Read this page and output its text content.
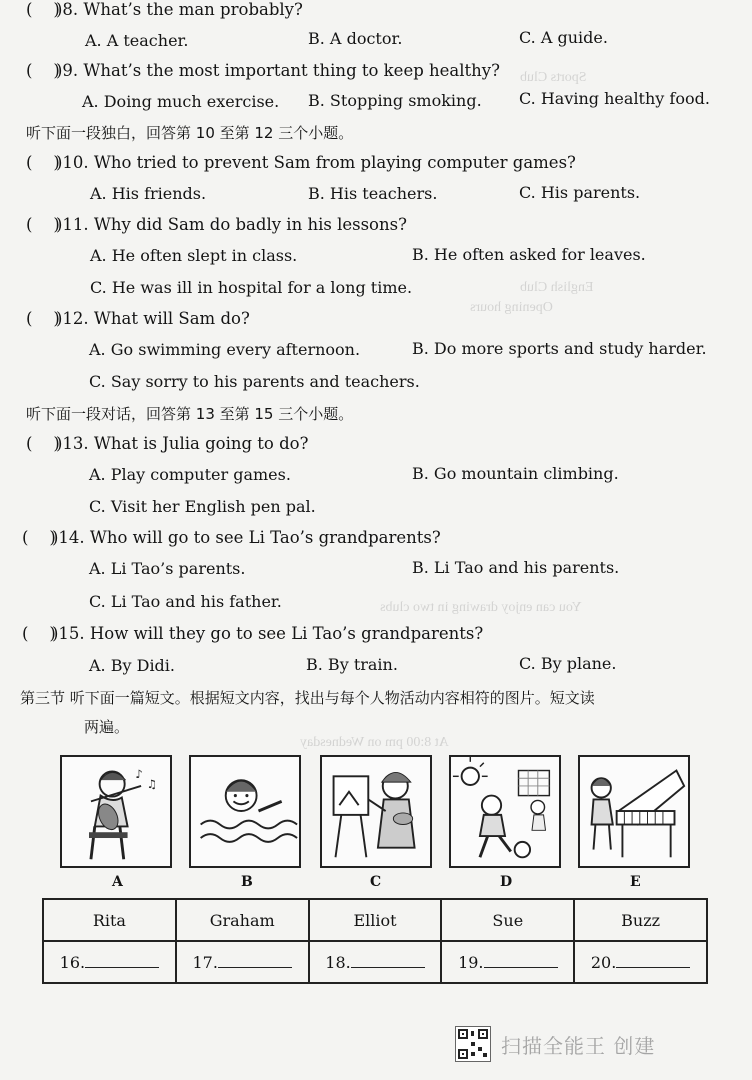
Sports Club
English Club
Opening hours
You can enjoy drawing in two clubs
At 8:00 pm on Wednesday
(    ))8. What’s the man probably?
A. A teacher.	B. A doctor.	C. A guide.
(    ))9. What’s the most important thing to keep healthy?
A. Doing much exercise. B. Stopping smoking. C. Having healthy food.
听下面一段独白，回答第 10 至第 12 三个小题。
(    ))10. Who tried to prevent Sam from playing computer games?
A. His friends.	B. His teachers.	C. His parents.
(    ))11. Why did Sam do badly in his lessons?
A. He often slept in class.	B. He often asked for leaves.
C. He was ill in hospital for a long time.
(    ))12. What will Sam do?
A. Go swimming every afternoon.	B. Do more sports and study harder.
C. Say sorry to his parents and teachers.
听下面一段对话，回答第 13 至第 15 三个小题。
(    ))13. What is Julia going to do?
A. Play computer games.	B. Go mountain climbing.
C. Visit her English pen pal.
(    ))14. Who will go to see Li Tao’s grandparents?
A. Li Tao’s parents.	B. Li Tao and his parents.
C. Li Tao and his father.
(    ))15. How will they go to see Li Tao’s grandparents?
A. By Didi.	B. By train.	C. By plane.
第三节 听下面一篇短文。根据短文内容，找出与每个人物活动内容相符的图片。短文读
两遍。
♪
♫
A	B	C	D	E
Rita	Graham	Elliot	Sue	Buzz
16.	17.	18.	19.	20.
扫描全能王 创建
